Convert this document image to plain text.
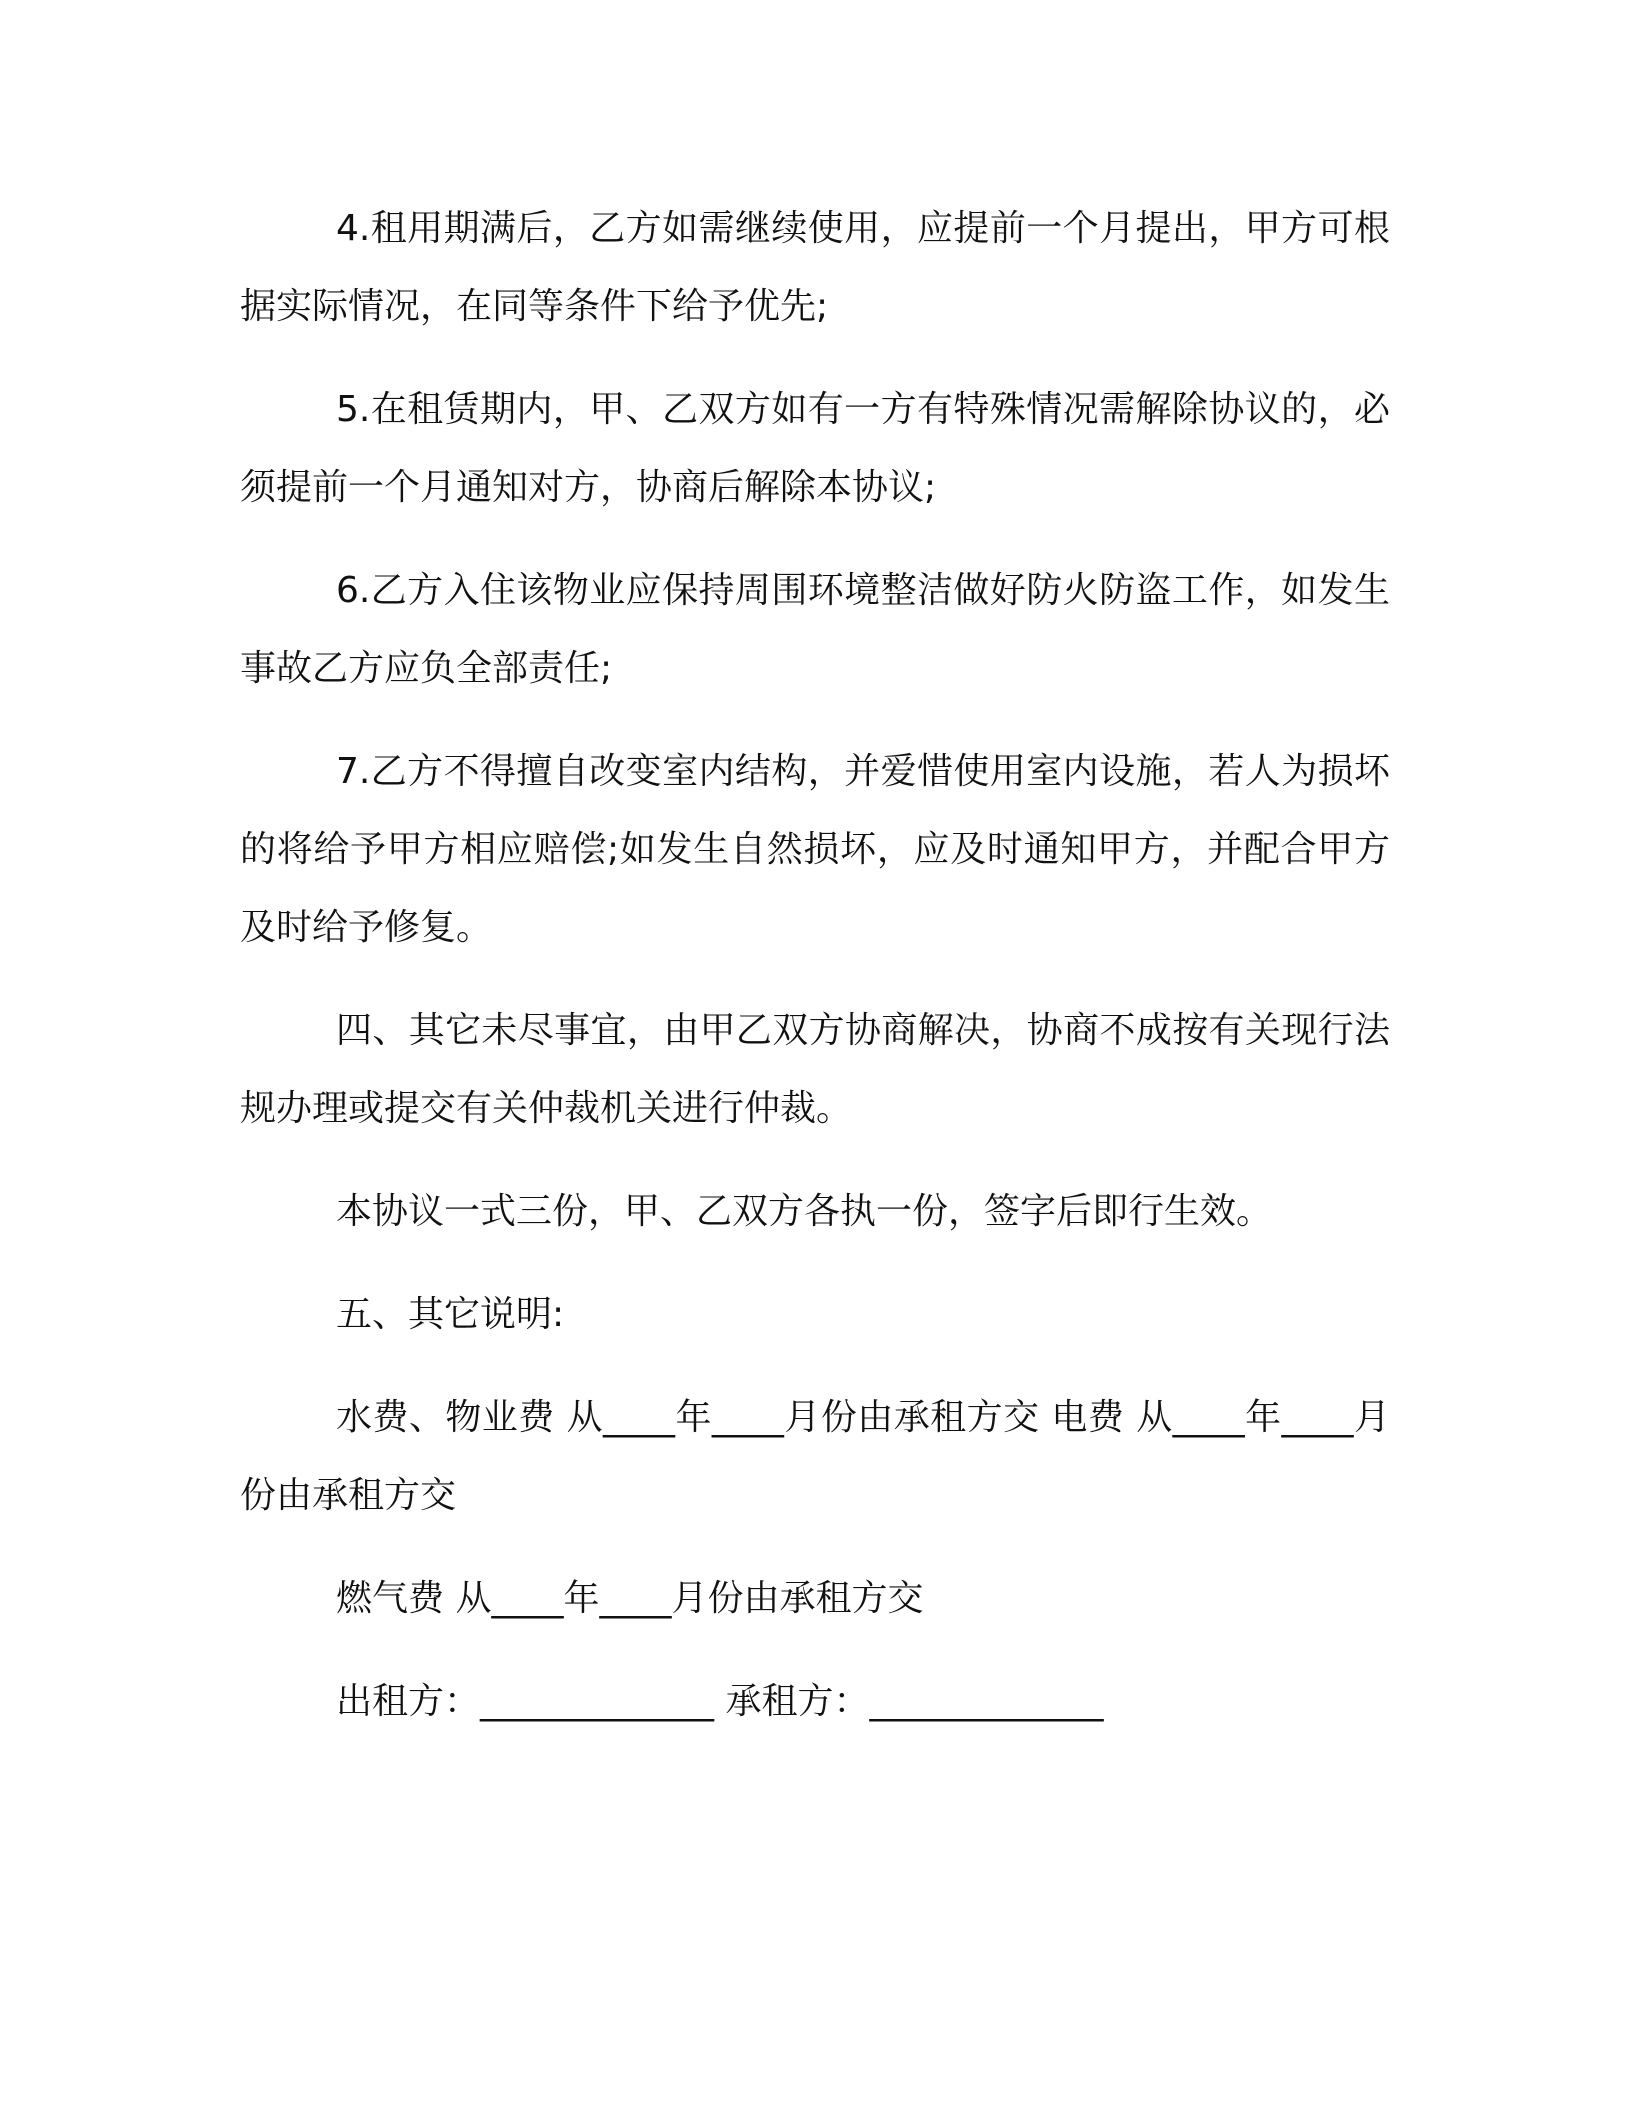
4.租用期满后，乙方如需继续使用，应提前一个月提出，甲方可根据实际情况，在同等条件下给予优先;

5.在租赁期内，甲、乙双方如有一方有特殊情况需解除协议的，必须提前一个月通知对方，协商后解除本协议;

6.乙方入住该物业应保持周围环境整洁做好防火防盗工作，如发生事故乙方应负全部责任;

7.乙方不得擅自改变室内结构，并爱惜使用室内设施，若人为损坏的将给予甲方相应赔偿;如发生自然损坏，应及时通知甲方，并配合甲方及时给予修复。

四、其它未尽事宜，由甲乙双方协商解决，协商不成按有关现行法规办理或提交有关仲裁机关进行仲裁。

本协议一式三份，甲、乙双方各执一份，签字后即行生效。

五、其它说明:

水费、物业费 从____年____月份由承租方交 电费 从____年____月份由承租方交

燃气费 从____年____月份由承租方交

出租方：_____________ 承租方：_____________
